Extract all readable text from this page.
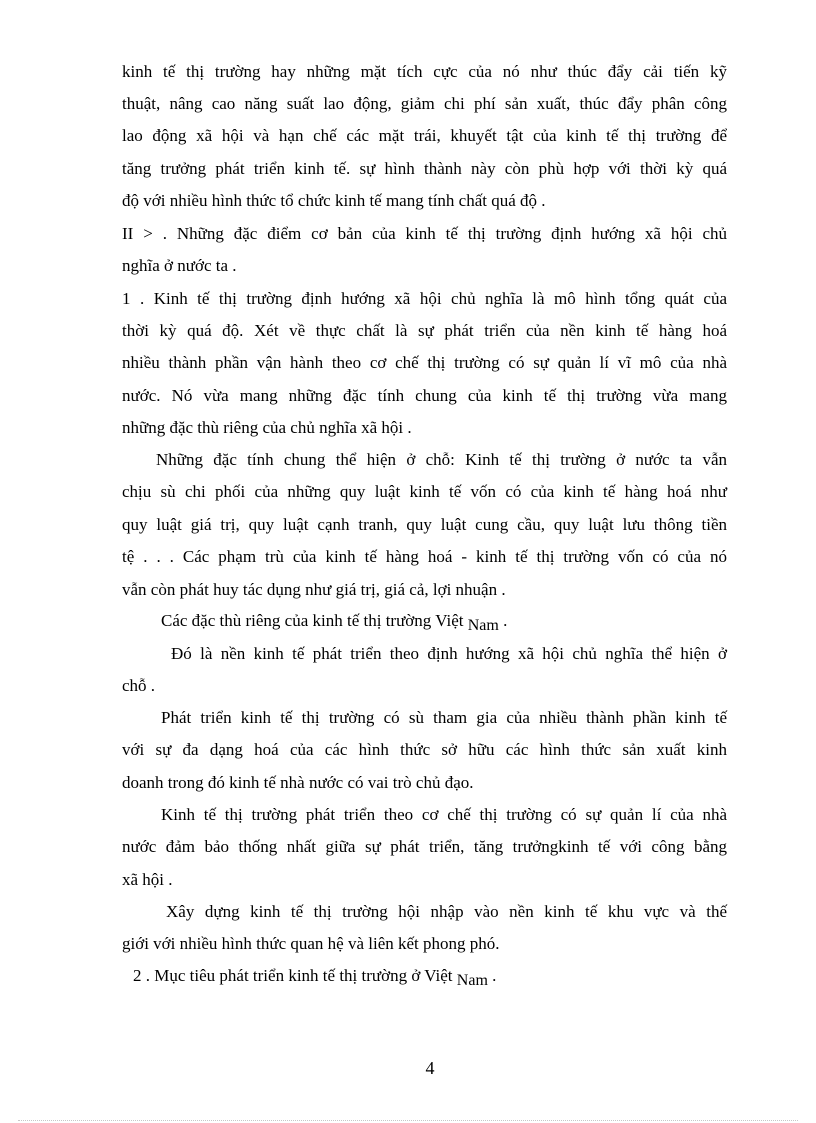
kinh tế thị trường hay những mặt tích cực của nó như thúc đẩy cải tiến kỹ
thuật, nâng cao năng suất lao động, giảm chi phí sản xuất, thúc đẩy phân công
lao động xã hội và hạn chế các mặt trái, khuyết tật của kinh tế thị trường để
tăng trưởng phát triển kinh tế. sự hình thành này còn phù hợp với thời kỳ quá
độ với nhiều hình thức tổ chức kinh tế mang tính chất quá độ .
II > . Những đặc điểm cơ bản của kinh tế thị trường định hướng xã hội chủ
nghĩa ở nước ta .
1 . Kinh tế thị trường định hướng xã hội chủ nghĩa là mô hình tổng quát của
thời kỳ quá độ. Xét về thực chất là sự phát triển của nền kinh tế hàng hoá
nhiều thành phần vận hành theo cơ chế thị trường có sự quản lí vĩ mô của nhà
nước. Nó vừa mang những đặc tính chung của kinh tế thị trường vừa mang
những đặc thù riêng của chủ nghĩa xã hội .
Những đặc tính chung thể hiện ở chỗ: Kinh tế thị trường ở nước ta vẫn
chịu sù chi phối của những quy luật kinh tế vốn có của kinh tế hàng hoá như
quy luật giá trị, quy luật cạnh tranh, quy luật cung cầu, quy luật lưu thông tiền
tệ . . . Các phạm trù của kinh tế hàng hoá - kinh tế thị trường vốn có của nó
vẫn còn phát huy tác dụng như giá trị, giá cả, lợi nhuận .
Các đặc thù riêng của kinh tế thị trường Việt Nam .
Đó là nền kinh tế phát triển theo định hướng xã hội chủ nghĩa thể hiện ở
chỗ .
Phát triển kinh tế thị trường có sù tham gia của nhiều thành phần kinh tế
với sự đa dạng hoá của các hình thức sở hữu các hình thức sản xuất kinh
doanh trong đó kinh tế nhà nước có vai trò chủ đạo.
Kinh tế thị trường phát triển theo cơ chế thị trường có sự quản lí của nhà
nước đảm bảo thống nhất giữa sự phát triển, tăng trưởngkinh tế với công bằng
xã hội .
Xây dựng kinh tế thị trường hội nhập vào nền kinh tế khu vực và thế
giới với nhiều hình thức quan hệ và liên kết phong phó.
2 . Mục tiêu phát triển kinh tế thị trường ở Việt Nam .
4
